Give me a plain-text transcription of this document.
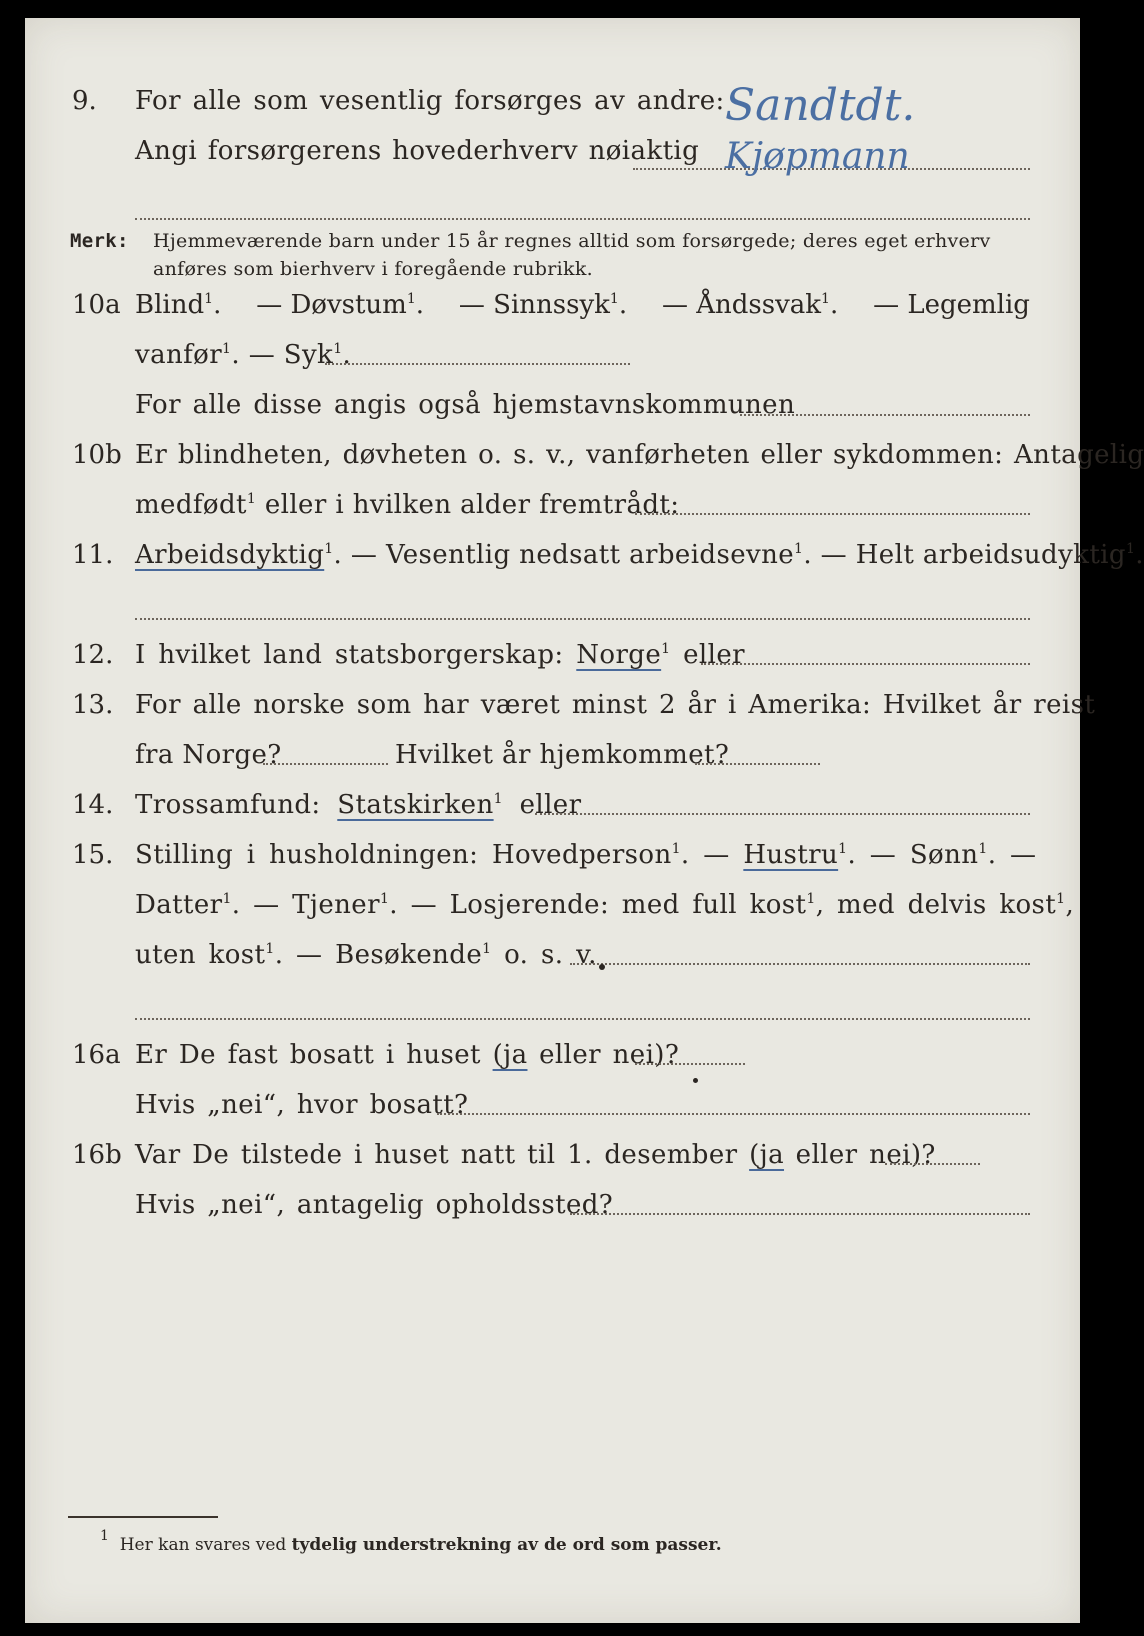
9. For alle som vesentlig forsørges av andre:
Angi forsørgerens hovederhverv nøiaktig
Sandtdt.
Kjøpmann
Merk: Hjemmeværende barn under 15 år regnes alltid som forsørgede; deres eget erhverv
anføres som bierhverv i foregående rubrikk.
10a Blind$^1$. — Døvstum$^1$. — Sinnssyk$^1$. — Åndssvak$^1$. — Legemlig
vanfør$^1$. — Syk$^1$.
For alle disse angis også hjemstavnskommunen
10b Er blindheten, døvheten o. s. v., vanførheten eller sykdommen: Antagelig
medfødt$^1$ eller i hvilken alder fremtrådt:
11. Arbeidsdyktig$^1$. — Vesentlig nedsatt arbeidsevne$^1$. — Helt arbeidsudyktig$^1$.
12. I hvilket land statsborgerskap: Norge$^1$ eller
13. For alle norske som har været minst 2 år i Amerika: Hvilket år reist
fra Norge?	Hvilket år hjemkommet?
14. Trossamfund: Statskirken$^1$ eller
15. Stilling i husholdningen: Hovedperson$^1$. — Hustru$^1$. — Sønn$^1$. —
Datter$^1$. — Tjener$^1$. — Losjerende: med full kost$^1$, med delvis kost$^1$,
uten kost$^1$. — Besøkende$^1$ o. s. v.
16a Er De fast bosatt i huset (ja eller nei)?
Hvis „nei“, hvor bosatt?
16b Var De tilstede i huset natt til 1. desember (ja eller nei)?
Hvis „nei“, antagelig opholdssted?
$^1$ Her kan svares ved tydelig understrekning av de ord som passer.
